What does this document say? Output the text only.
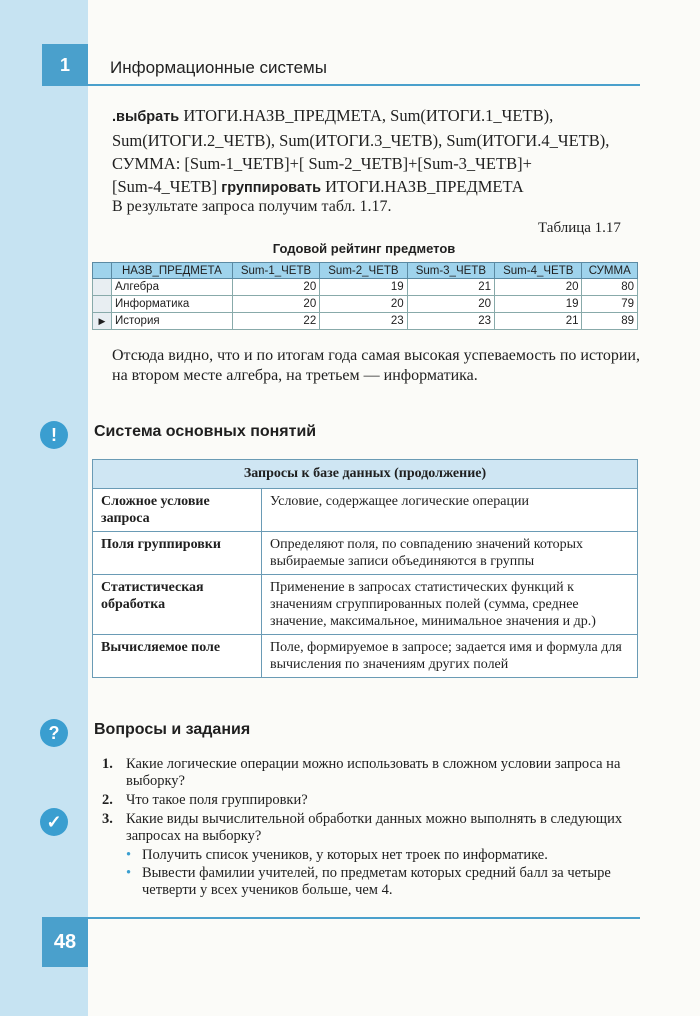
1	Информационные системы
.выбрать ИТОГИ.НАЗВ_ПРЕДМЕТА, Sum(ИТОГИ.1_ЧЕТВ),
Sum(ИТОГИ.2_ЧЕТВ), Sum(ИТОГИ.3_ЧЕТВ), Sum(ИТОГИ.4_ЧЕТВ),
СУММА: [Sum-1_ЧЕТВ]+[ Sum-2_ЧЕТВ]+[Sum-3_ЧЕТВ]+
[Sum-4_ЧЕТВ] группировать ИТОГИ.НАЗВ_ПРЕДМЕТА
В результате запроса получим табл. 1.17.
Таблица 1.17
Годовой рейтинг предметов
	НАЗВ_ПРЕДМЕТА	Sum-1_ЧЕТВ	Sum-2_ЧЕТВ	Sum-3_ЧЕТВ	Sum-4_ЧЕТВ	СУММА
	Алгебра	20	19	21	20	80
	Информатика	20	20	20	19	79
▶	История	22	23	23	21	89
Отсюда видно, что и по итогам года самая высокая успеваемость по истории, на втором месте алгебра, на третьем — информатика.
!	Система основных понятий
Запросы к базе данных (продолжение)	
Сложное условие запроса	Условие, содержащее логические операции
Поля группировки	Определяют поля, по совпадению значений которых выбираемые записи объединяются в группы
Статистическая обработка	Применение в запросах статистических функций к значениям сгруппированных полей (сумма, среднее значение, максимальное, минимальное значения и др.)
Вычисляемое поле	Поле, формируемое в запросе; задается имя и формула для вычисления по значениям других полей
?	Вопросы и задания
✓
1. Какие логические операции можно использовать в сложном условии запроса на выборку?
2. Что такое поля группировки?
3. Какие виды вычислительной обработки данных можно выполнять в следующих запросах на выборку?
• Получить список учеников, у которых нет троек по информатике.
• Вывести фамилии учителей, по предметам которых средний балл за четыре четверти у всех учеников больше, чем 4.
48
